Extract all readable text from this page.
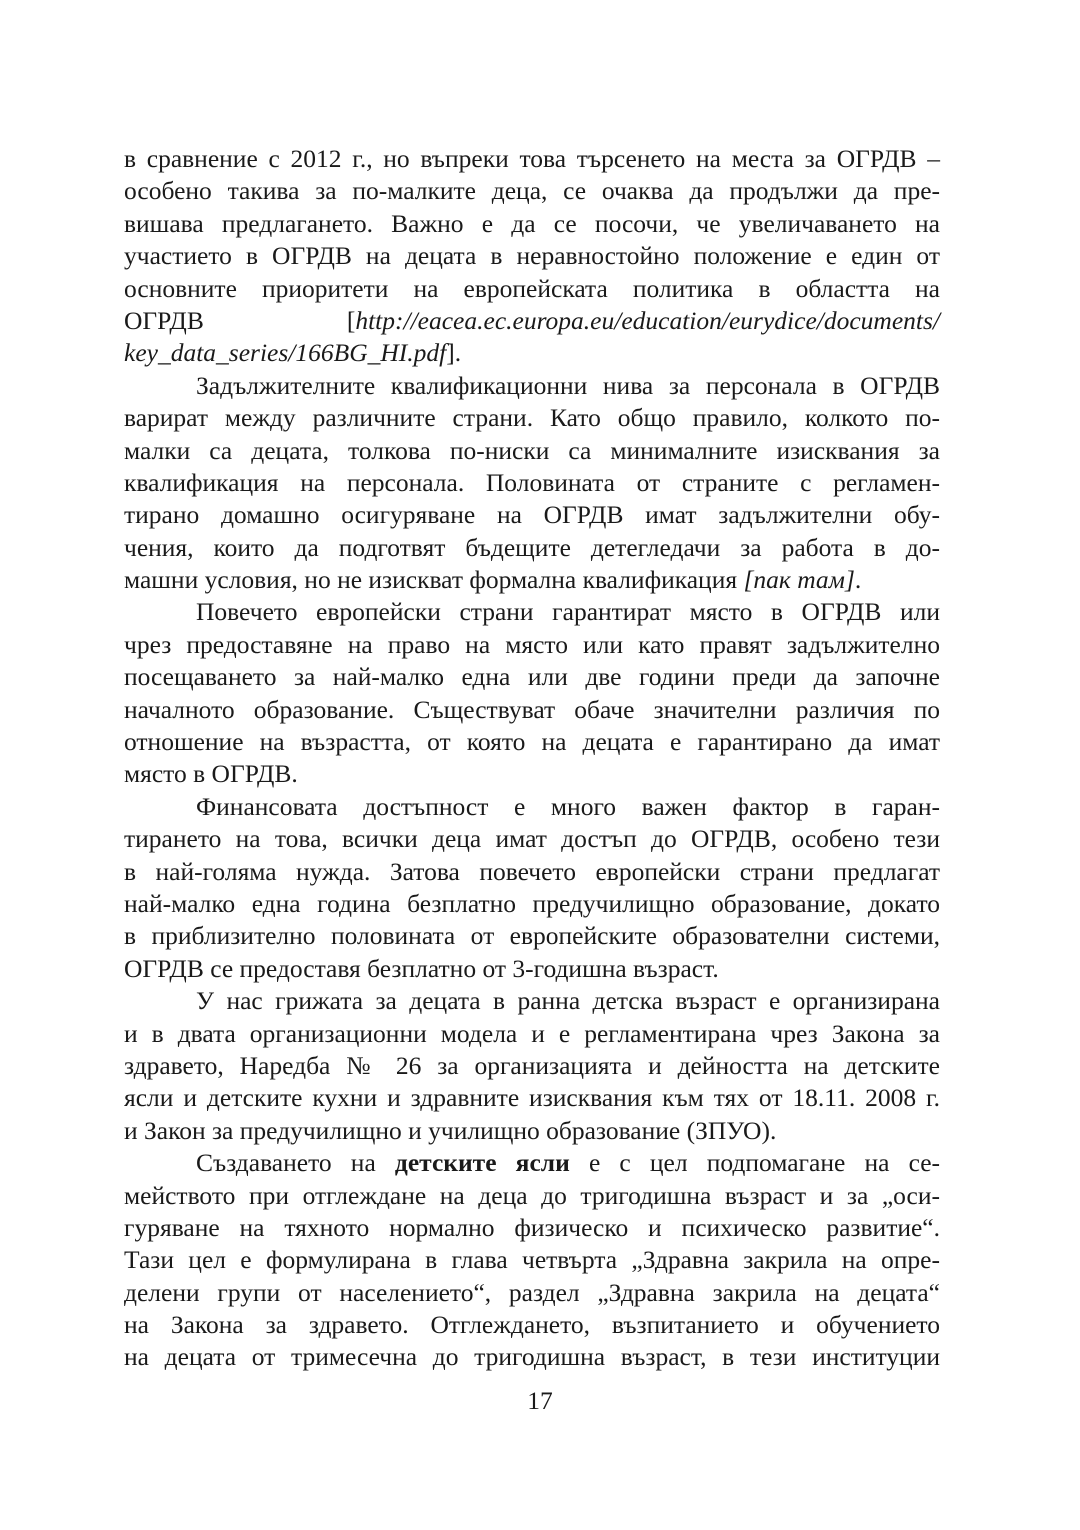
в сравнение с 2012 г., но въпреки това търсенето на места за ОГРДВ –
особено такива за по-малките деца, се очаква да продължи да пре-
вишава предлагането. Важно е да се посочи, че увеличаването на
участието в ОГРДВ на децата в неравностойно положение е един от
основните приоритети на европейската политика в областта на
ОГРДВ [http://eacea.ec.europa.eu/education/eurydice/documents/
key_data_series/166BG_HI.pdf].
Задължителните квалификационни нива за персонала в ОГРДВ
варират между различните страни. Като общо правило, колкото по-
малки са децата, толкова по-ниски са минималните изисквания за
квалификация на персонала. Половината от страните с регламен-
тирано домашно осигуряване на ОГРДВ имат задължителни обу-
чения, които да подготвят бъдещите детегледачи за работа в до-
машни условия, но не изискват формална квалификация [пак там].
Повечето европейски страни гарантират място в ОГРДВ или
чрез предоставяне на право на място или като правят задължително
посещаването за най-малко една или две години преди да започне
началното образование. Съществуват обаче значителни различия по
отношение на възрастта, от която на децата е гарантирано да имат
място в ОГРДВ.
Финансовата достъпност е много важен фактор в гаран-
тирането на това, всички деца имат достъп до ОГРДВ, особено тези
в най-голяма нужда. Затова повечето европейски страни предлагат
най-малко една година безплатно предучилищно образование, докато
в приблизително половината от европейските образователни системи,
ОГРДВ се предоставя безплатно от 3-годишна възраст.
У нас грижата за децата в ранна детска възраст е организирана
и в двата организационни модела и е регламентирана чрез Закона за
здравето, Наредба № 26 за организацията и дейността на детските
ясли и детските кухни и здравните изисквания към тях от 18.11. 2008 г.
и Закон за предучилищно и училищно образование (ЗПУО).
Създаването на детските ясли е с цел подпомагане на се-
мейството при отглеждане на деца до тригодишна възраст и за „оси-
гуряване на тяхното нормално физическо и психическо развитие“.
Тази цел е формулирана в глава четвърта „Здравна закрила на опре-
делени групи от населението“, раздел „Здравна закрила на децата“
на Закона за здравето. Отглеждането, възпитанието и обучението
на децата от тримесечна до тригодишна възраст, в тези институции
17
